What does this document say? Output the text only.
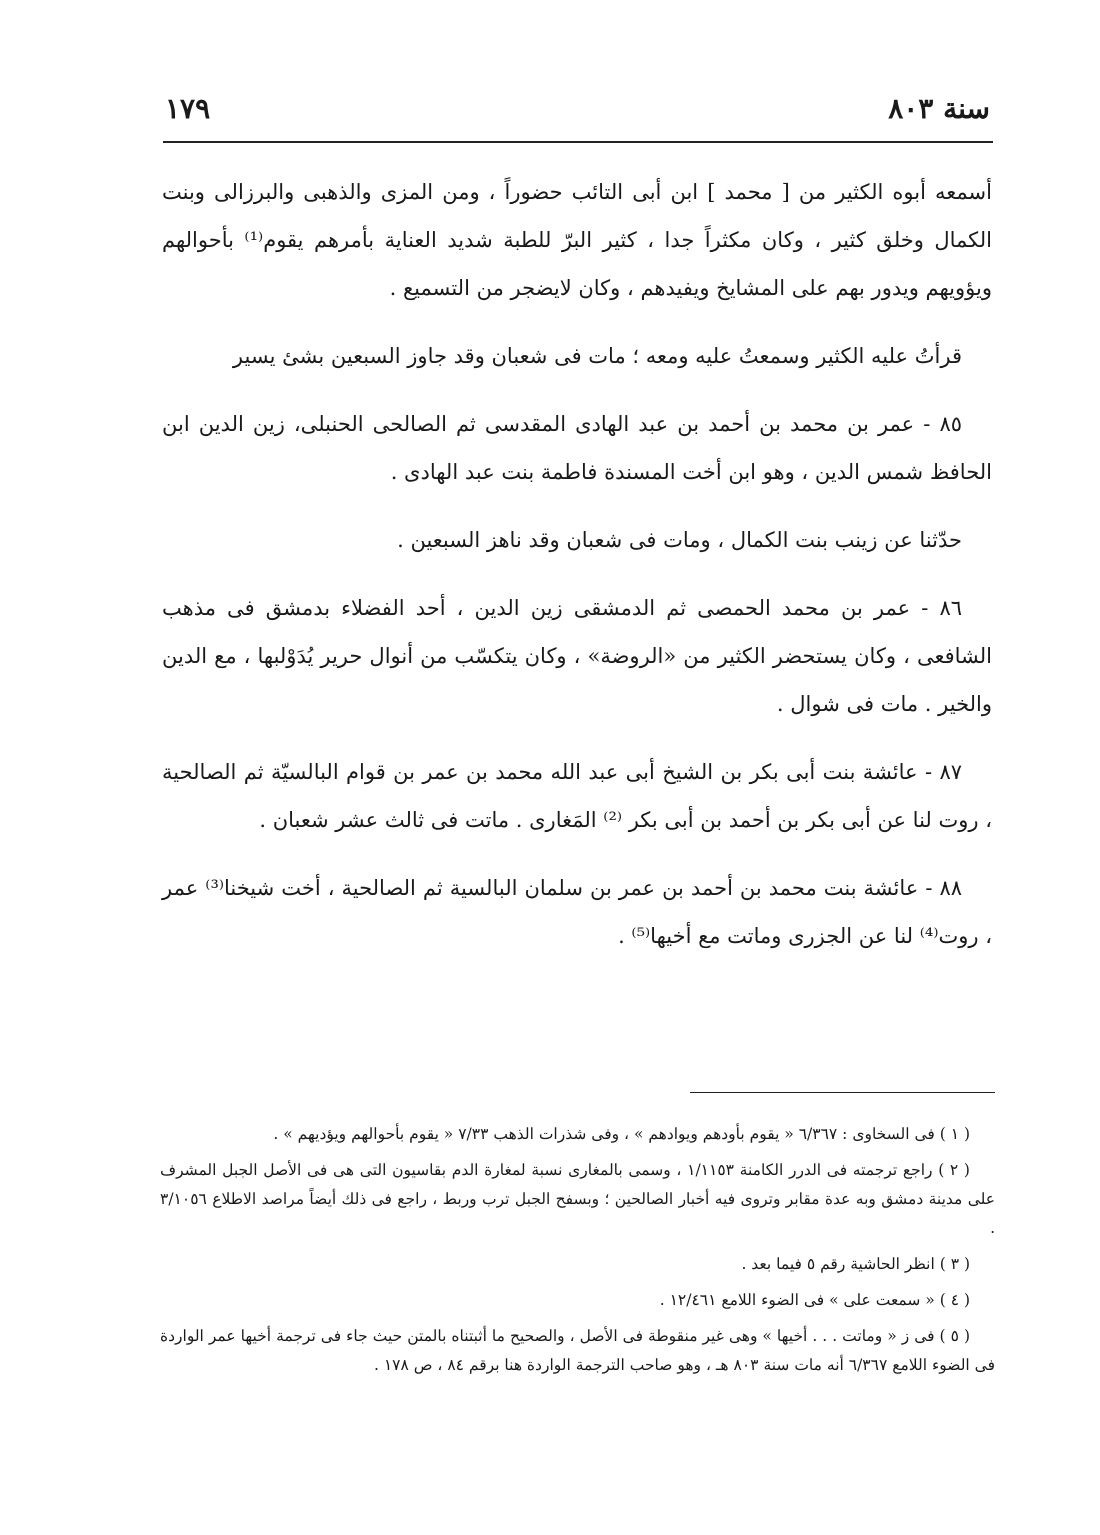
سنة ٨٠٣
١٧٩

أسمعه أبوه الكثير من [ محمد ] ابن أبى التائب حضوراً ، ومن المزى والذهبى والبرزالى وبنت الكمال وخلق كثير ، وكان مكثراً جدا ، كثير البرّ للطبة شديد العناية بأمرهم يقوم⁽¹⁾ بأحوالهم ويؤويهم ويدور بهم على المشايخ ويفيدهم ، وكان لايضجر من التسميع .

قرأتُ عليه الكثير وسمعتُ عليه ومعه ؛ مات فى شعبان وقد جاوز السبعين بشئ يسير

٨٥ - عمر بن محمد بن أحمد بن عبد الهادى المقدسى ثم الصالحى الحنبلى، زين الدين ابن الحافظ شمس الدين ، وهو ابن أخت المسندة فاطمة بنت عبد الهادى .

حدّثنا عن زينب بنت الكمال ، ومات فى شعبان وقد ناهز السبعين .

٨٦ - عمر بن محمد الحمصى ثم الدمشقى زين الدين ، أحد الفضلاء بدمشق فى مذهب الشافعى ، وكان يستحضر الكثير من «الروضة» ، وكان يتكسّب من أنوال حرير يُدَوْلبها ، مع الدين والخير . مات فى شوال .

٨٧ - عائشة بنت أبى بكر بن الشيخ أبى عبد الله محمد بن عمر بن قوام البالسيّة ثم الصالحية ، روت لنا عن أبى بكر بن أحمد بن أبى بكر ⁽²⁾ المَغارى . ماتت فى ثالث عشر شعبان .

٨٨ - عائشة بنت محمد بن أحمد بن عمر بن سلمان البالسية ثم الصالحية ، أخت شيخنا⁽³⁾ عمر ، روت⁽⁴⁾ لنا عن الجزرى وماتت مع أخيها⁽⁵⁾ .

( ١ ) فى السخاوى : ٦/٣٦٧ « يقوم بأودهم ويوادهم » ، وفى شذرات الذهب ٧/٣٣ « يقوم بأحوالهم ويؤديهم » .

( ٢ ) راجع ترجمته فى الدرر الكامنة ١/١١٥٣ ، وسمى بالمغارى نسبة لمغارة الدم بقاسيون التى هى فى الأصل الجبل المشرف على مدينة دمشق وبه عدة مقابر وتروى فيه أخبار الصالحين ؛ وبسفح الجبل ترب وربط ، راجع فى ذلك أيضاً مراصد الاطلاع ٣/١٠٥٦ .

( ٣ ) انظر الحاشية رقم ٥ فيما بعد .

( ٤ ) « سمعت على » فى الضوء اللامع ١٢/٤٦١ .

( ٥ ) فى ز « وماتت . . . أخيها » وهى غير منقوطة فى الأصل ، والصحيح ما أثبتناه بالمتن حيث جاء فى ترجمة أخيها عمر الواردة فى الضوء اللامع ٦/٣٦٧ أنه مات سنة ٨٠٣ هـ ، وهو صاحب الترجمة الواردة هنا برقم ٨٤ ، ص ١٧٨ .
